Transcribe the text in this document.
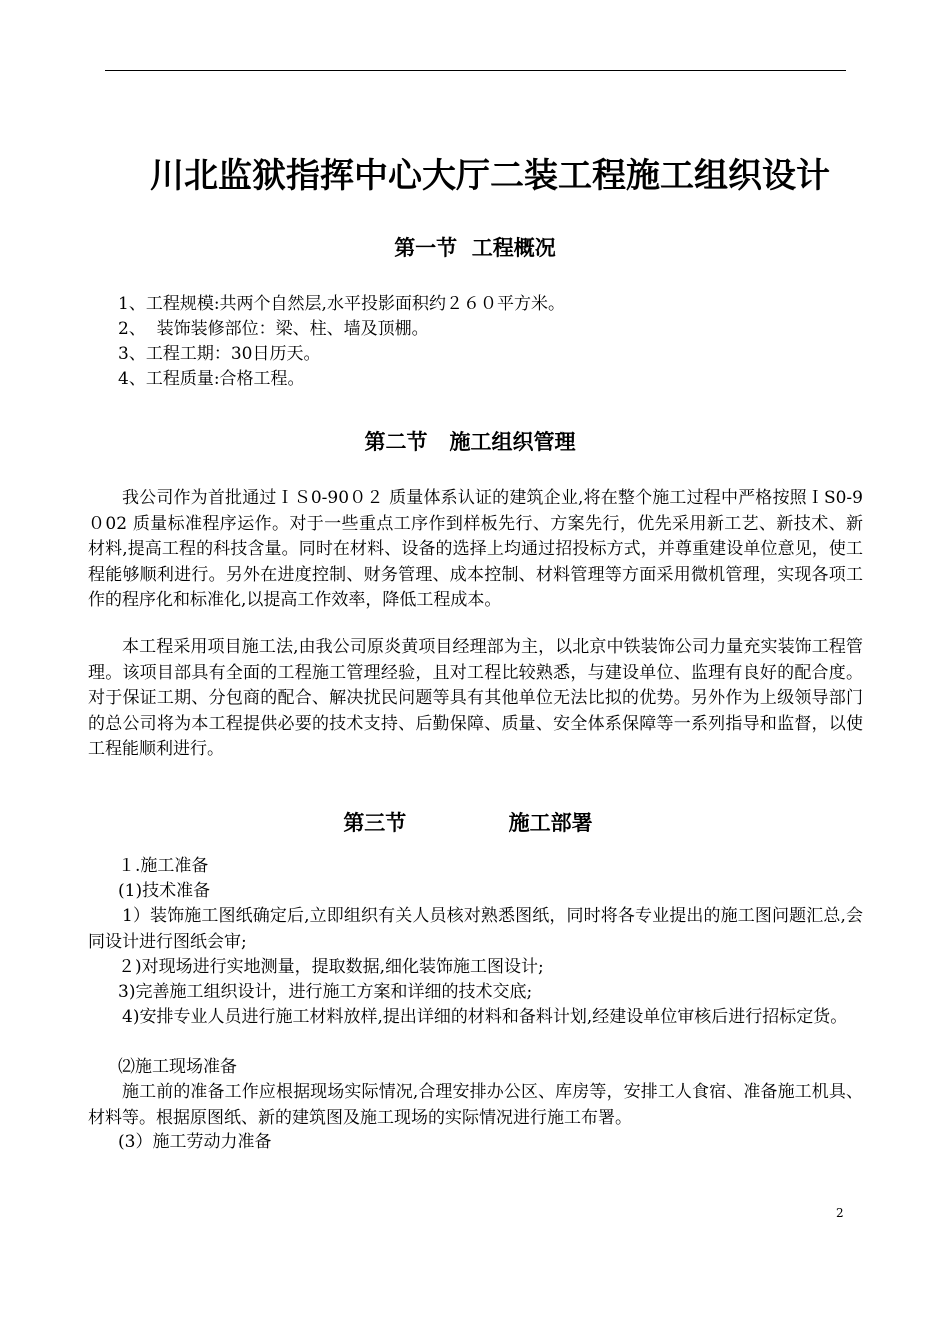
川北监狱指挥中心大厅二装工程施工组织设计
第一节  工程概况
1、工程规模:共两个自然层,水平投影面积约２６０平方米。
2、  装饰装修部位：梁、柱、墙及顶棚。
3、工程工期：30日历天。
4、工程质量:合格工程。
第二节   施工组织管理
我公司作为首批通过ＩＳ0-90０２ 质量体系认证的建筑企业,将在整个施工过程中严格按照ＩS0-9０02 质量标准程序运作。对于一些重点工序作到样板先行、方案先行，优先采用新工艺、新技术、新材料,提高工程的科技含量。同时在材料、设备的选择上均通过招投标方式，并尊重建设单位意见，使工程能够顺利进行。另外在进度控制、财务管理、成本控制、材料管理等方面采用微机管理，实现各项工作的程序化和标准化,以提高工作效率，降低工程成本。
本工程采用项目施工法,由我公司原炎黄项目经理部为主，以北京中铁装饰公司力量充实装饰工程管理。该项目部具有全面的工程施工管理经验，且对工程比较熟悉，与建设单位、监理有良好的配合度。对于保证工期、分包商的配合、解决扰民问题等具有其他单位无法比拟的优势。另外作为上级领导部门的总公司将为本工程提供必要的技术支持、后勤保障、质量、安全体系保障等一系列指导和监督，以使工程能顺利进行。
第三节              施工部署
１.施工准备
(1)技术准备
1）装饰施工图纸确定后,立即组织有关人员核对熟悉图纸，同时将各专业提出的施工图问题汇总,会同设计进行图纸会审;
２)对现场进行实地测量，提取数据,细化装饰施工图设计;
3)完善施工组织设计，进行施工方案和详细的技术交底;
4)安排专业人员进行施工材料放样,提出详细的材料和备料计划,经建设单位审核后进行招标定货。
⑵施工现场准备
施工前的准备工作应根据现场实际情况,合理安排办公区、库房等，安排工人食宿、准备施工机具、材料等。根据原图纸、新的建筑图及施工现场的实际情况进行施工布署。
(3）施工劳动力准备
2
